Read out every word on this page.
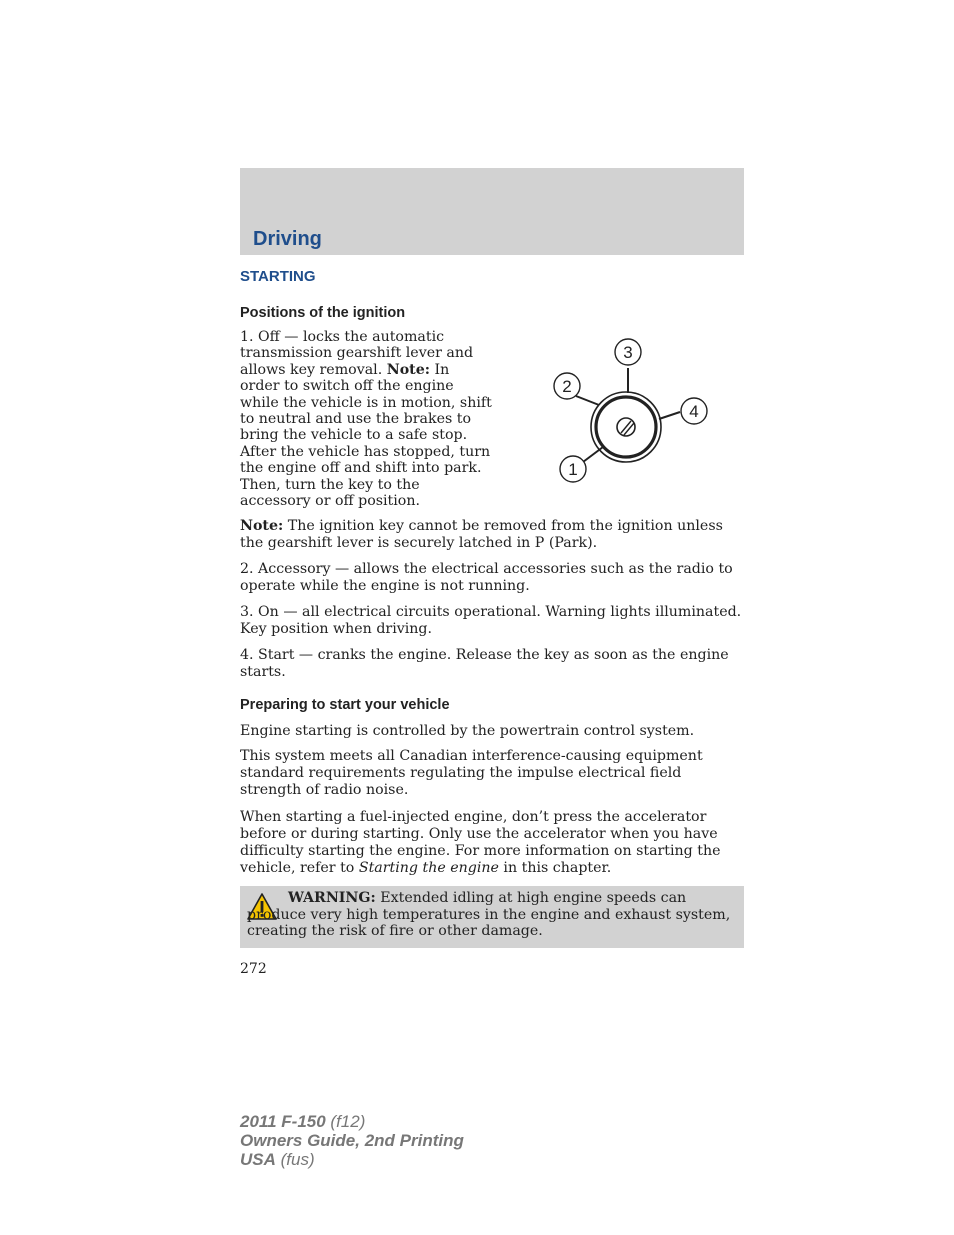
Driving
STARTING
Positions of the ignition

1. Off — locks the automatic transmission gearshift lever and allows key removal. Note: In order to switch off the engine while the vehicle is in motion, shift to neutral and use the brakes to bring the vehicle to a safe stop. After the vehicle has stopped, turn the engine off and shift into park. Then, turn the key to the accessory or off position.

1
2
3
4

Note: The ignition key cannot be removed from the ignition unless the gearshift lever is securely latched in P (Park).

2. Accessory — allows the electrical accessories such as the radio to operate while the engine is not running.

3. On — all electrical circuits operational. Warning lights illuminated. Key position when driving.

4. Start — cranks the engine. Release the key as soon as the engine starts.

Preparing to start your vehicle

Engine starting is controlled by the powertrain control system.

This system meets all Canadian interference-causing equipment standard requirements regulating the impulse electrical field strength of radio noise.

When starting a fuel-injected engine, don’t press the accelerator before or during starting. Only use the accelerator when you have difficulty starting the engine. For more information on starting the vehicle, refer to Starting the engine in this chapter.

WARNING: Extended idling at high engine speeds can produce very high temperatures in the engine and exhaust system, creating the risk of fire or other damage.

272
2011 F-150 (f12)
Owners Guide, 2nd Printing
USA (fus)
